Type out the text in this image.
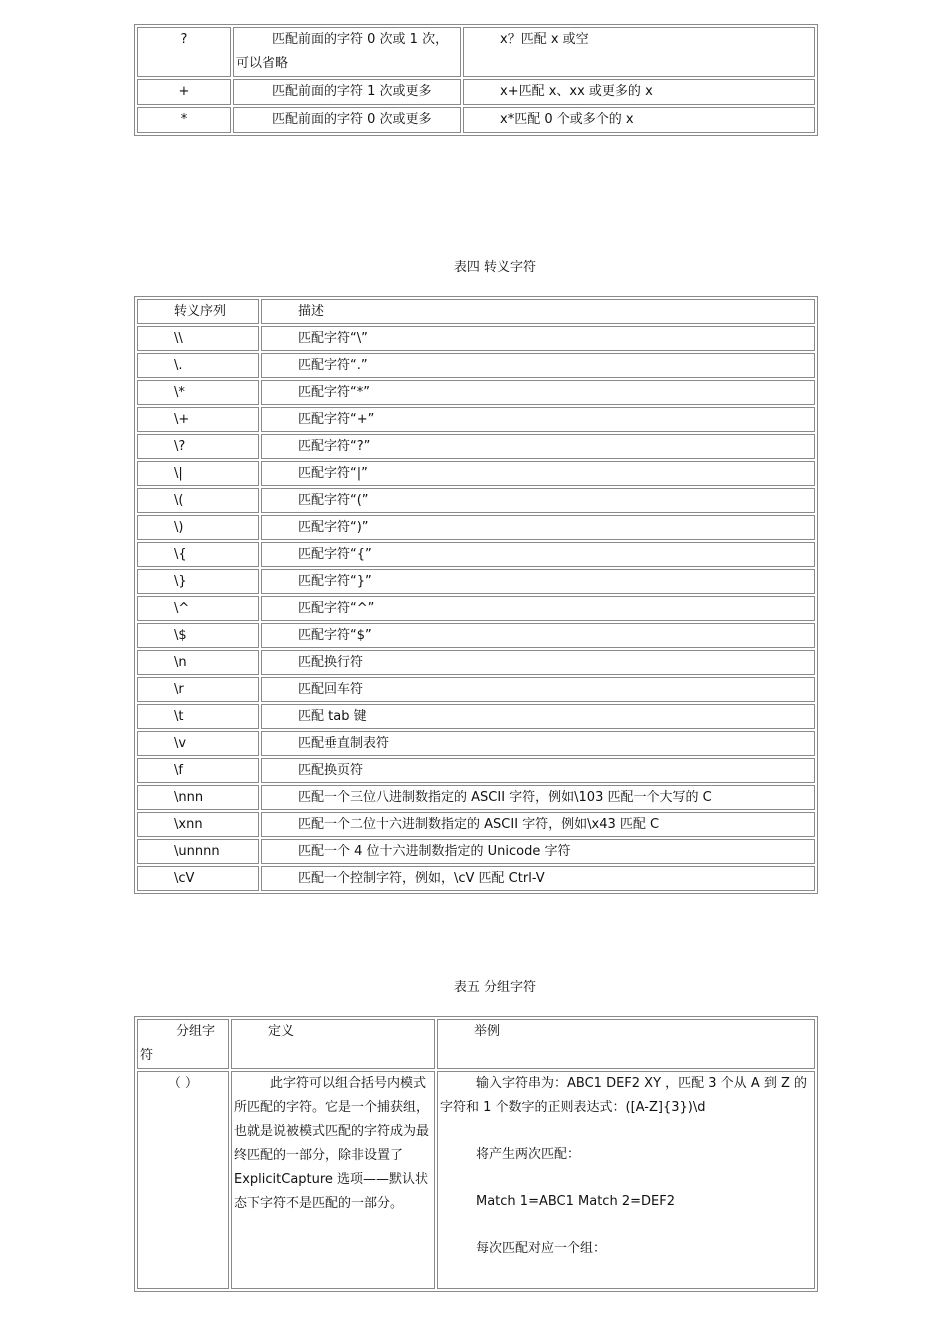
?	匹配前面的字符 0 次或 1 次，可以省略	x？匹配 x 或空
+	匹配前面的字符 1 次或更多	x+匹配 x、xx 或更多的 x
*	匹配前面的字符 0 次或更多	x*匹配 0 个或多个的 x
表四 转义字符
转义序列	描述
\\	匹配字符“\”
\.	匹配字符“.”
\*	匹配字符“*”
\+	匹配字符“+”
\?	匹配字符“?”
\|	匹配字符“|”
\(	匹配字符“(”
\)	匹配字符“)”
\{	匹配字符“{”
\}	匹配字符“}”
\^	匹配字符“^”
\$	匹配字符“$”
\n	匹配换行符
\r	匹配回车符
\t	匹配 tab 键
\v	匹配垂直制表符
\f	匹配换页符
\nnn	匹配一个三位八进制数指定的 ASCII 字符，例如\103 匹配一个大写的 C
\xnn	匹配一个二位十六进制数指定的 ASCII 字符，例如\x43 匹配 C
\unnnn	匹配一个 4 位十六进制数指定的 Unicode 字符
\cV	匹配一个控制字符，例如，\cV 匹配 Ctrl-V
表五 分组字符
分组字符	定义	举例
（ ）	此字符可以组合括号内模式所匹配的字符。它是一个捕获组，也就是说被模式匹配的字符成为最终匹配的一部分，除非设置了 ExplicitCapture 选项——默认状态下字符不是匹配的一部分。	输入字符串为：ABC1 DEF2 XY ，匹配 3 个从 A 到 Z 的字符和 1 个数字的正则表达式：([A-Z]{3})\d

将产生两次匹配：

Match 1=ABC1 Match 2=DEF2

每次匹配对应一个组：
